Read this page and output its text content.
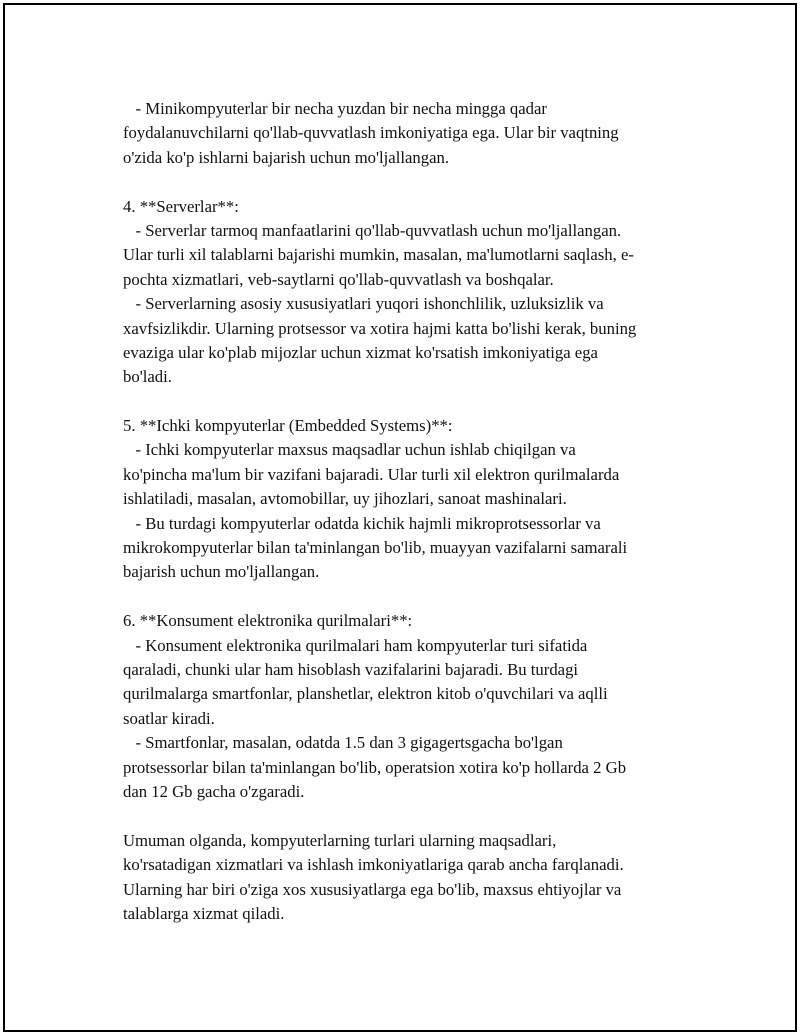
- Minikompyuterlar bir necha yuzdan bir necha mingga qadar
foydalanuvchilarni qo'llab-quvvatlash imkoniyatiga ega. Ular bir vaqtning
o'zida ko'p ishlarni bajarish uchun mo'ljallangan.
4. **Serverlar**:
- Serverlar tarmoq manfaatlarini qo'llab-quvvatlash uchun mo'ljallangan.
Ular turli xil talablarni bajarishi mumkin, masalan, ma'lumotlarni saqlash, e-
pochta xizmatlari, veb-saytlarni qo'llab-quvvatlash va boshqalar.
- Serverlarning asosiy xususiyatlari yuqori ishonchlilik, uzluksizlik va
xavfsizlikdir. Ularning protsessor va xotira hajmi katta bo'lishi kerak, buning
evaziga ular ko'plab mijozlar uchun xizmat ko'rsatish imkoniyatiga ega
bo'ladi.
5. **Ichki kompyuterlar (Embedded Systems)**:
- Ichki kompyuterlar maxsus maqsadlar uchun ishlab chiqilgan va
ko'pincha ma'lum bir vazifani bajaradi. Ular turli xil elektron qurilmalarda
ishlatiladi, masalan, avtomobillar, uy jihozlari, sanoat mashinalari.
- Bu turdagi kompyuterlar odatda kichik hajmli mikroprotsessorlar va
mikrokompyuterlar bilan ta'minlangan bo'lib, muayyan vazifalarni samarali
bajarish uchun mo'ljallangan.
6. **Konsument elektronika qurilmalari**:
- Konsument elektronika qurilmalari ham kompyuterlar turi sifatida
qaraladi, chunki ular ham hisoblash vazifalarini bajaradi. Bu turdagi
qurilmalarga smartfonlar, planshetlar, elektron kitob o'quvchilari va aqlli
soatlar kiradi.
- Smartfonlar, masalan, odatda 1.5 dan 3 gigagertsgacha bo'lgan
protsessorlar bilan ta'minlangan bo'lib, operatsion xotira ko'p hollarda 2 Gb
dan 12 Gb gacha o'zgaradi.
Umuman olganda, kompyuterlarning turlari ularning maqsadlari,
ko'rsatadigan xizmatlari va ishlash imkoniyatlariga qarab ancha farqlanadi.
Ularning har biri o'ziga xos xususiyatlarga ega bo'lib, maxsus ehtiyojlar va
talablarga xizmat qiladi.
